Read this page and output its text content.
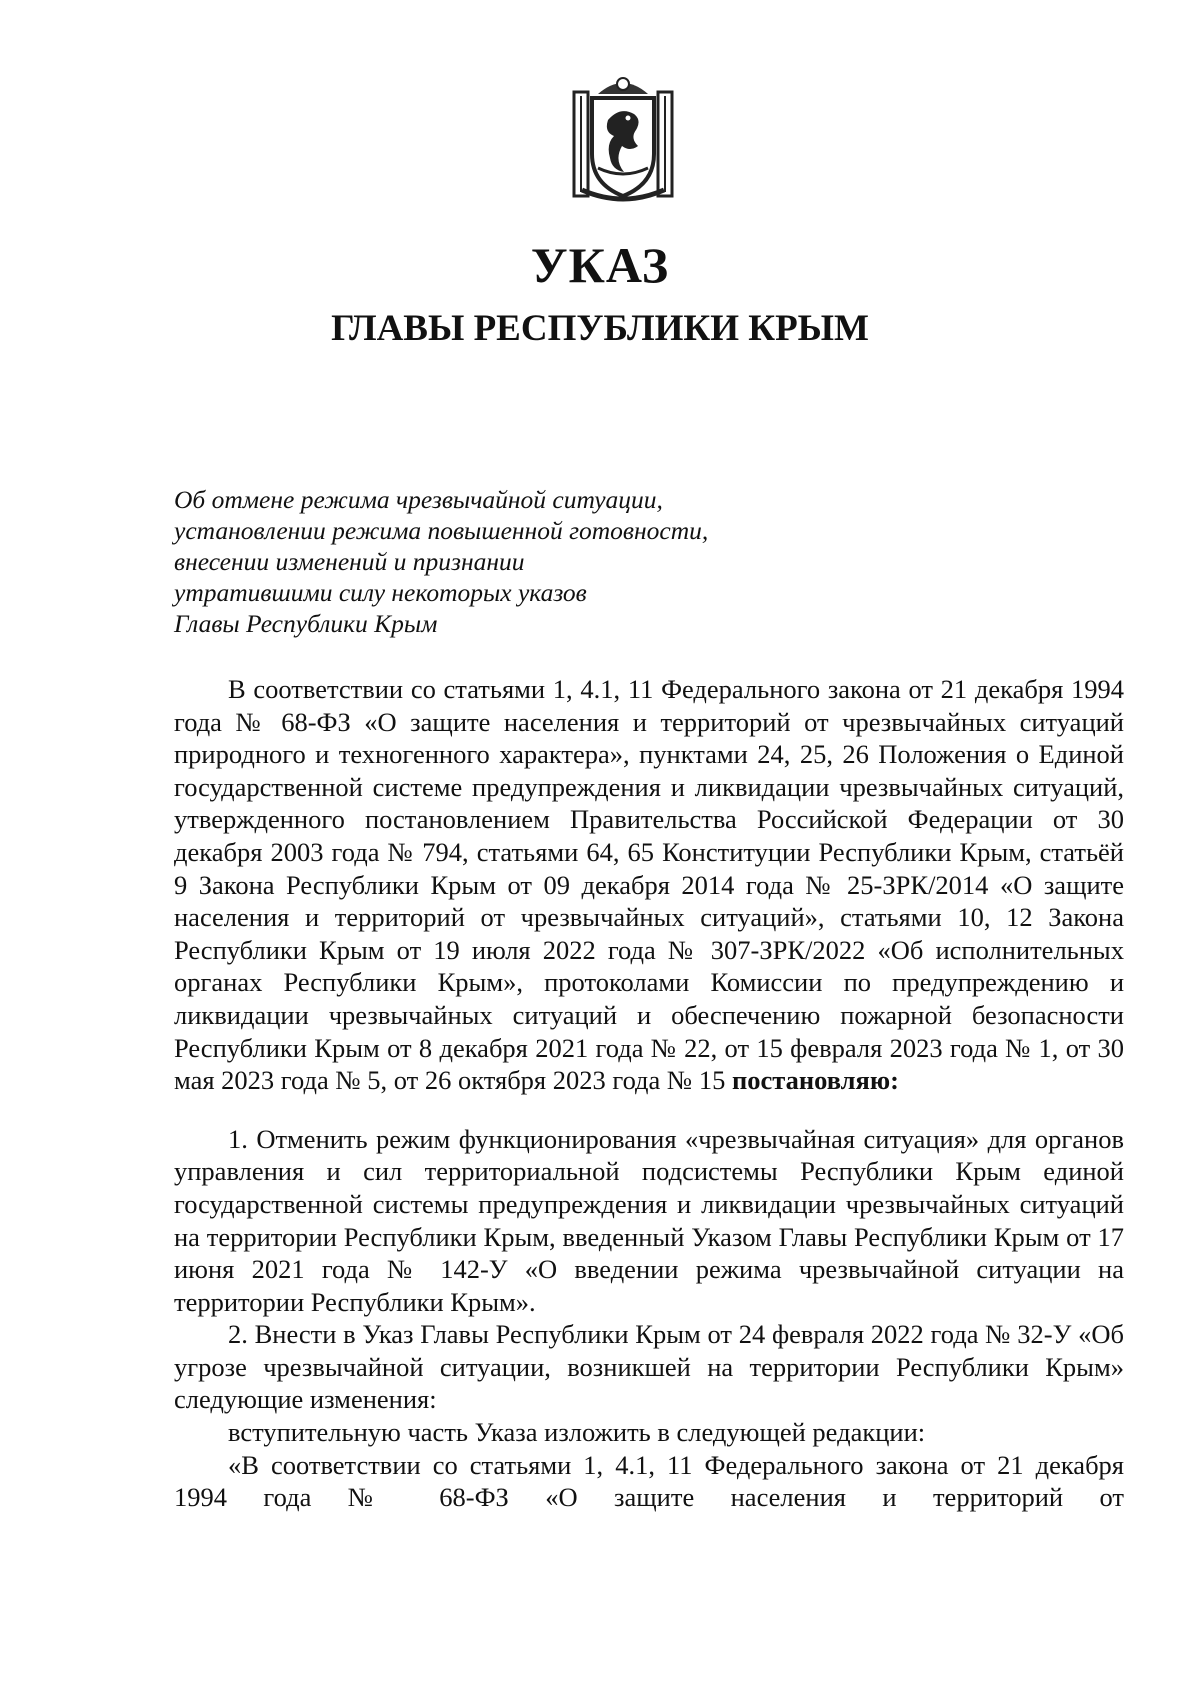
УКАЗ
ГЛАВЫ РЕСПУБЛИКИ КРЫМ
Об отмене режима чрезвычайной ситуации,
установлении режима повышенной готовности,
внесении изменений и признании
утратившими силу некоторых указов
Главы Республики Крым

В соответствии со статьями 1, 4.1, 11 Федерального закона от 21 декабря 1994 года № 68-ФЗ «О защите населения и территорий от чрезвычайных ситуаций природного и техногенного характера», пунктами 24, 25, 26 Положения о Единой государственной системе предупреждения и ликвидации чрезвычайных ситуаций, утвержденного постановлением Правительства Российской Федерации от 30 декабря 2003 года № 794, статьями 64, 65 Конституции Республики Крым, статьёй 9 Закона Республики Крым от 09 декабря 2014 года № 25-ЗРК/2014 «О защите населения и территорий от чрезвычайных ситуаций», статьями 10, 12 Закона Республики Крым от 19 июля 2022 года № 307-ЗРК/2022 «Об исполнительных органах Республики Крым», протоколами Комиссии по предупреждению и ликвидации чрезвычайных ситуаций и обеспечению пожарной безопасности Республики Крым от 8 декабря 2021 года № 22, от 15 февраля 2023 года № 1, от 30 мая 2023 года № 5, от 26 октября 2023 года № 15 постановляю:

1. Отменить режим функционирования «чрезвычайная ситуация» для органов управления и сил территориальной подсистемы Республики Крым единой государственной системы предупреждения и ликвидации чрезвычайных ситуаций на территории Республики Крым, введенный Указом Главы Республики Крым от 17 июня 2021 года № 142-У «О введении режима чрезвычайной ситуации на территории Республики Крым».

2. Внести в Указ Главы Республики Крым от 24 февраля 2022 года № 32-У «Об угрозе чрезвычайной ситуации, возникшей на территории Республики Крым» следующие изменения:

вступительную часть Указа изложить в следующей редакции:

«В соответствии со статьями 1, 4.1, 11 Федерального закона от 21 декабря 1994 года № 68-ФЗ «О защите населения и территорий от
